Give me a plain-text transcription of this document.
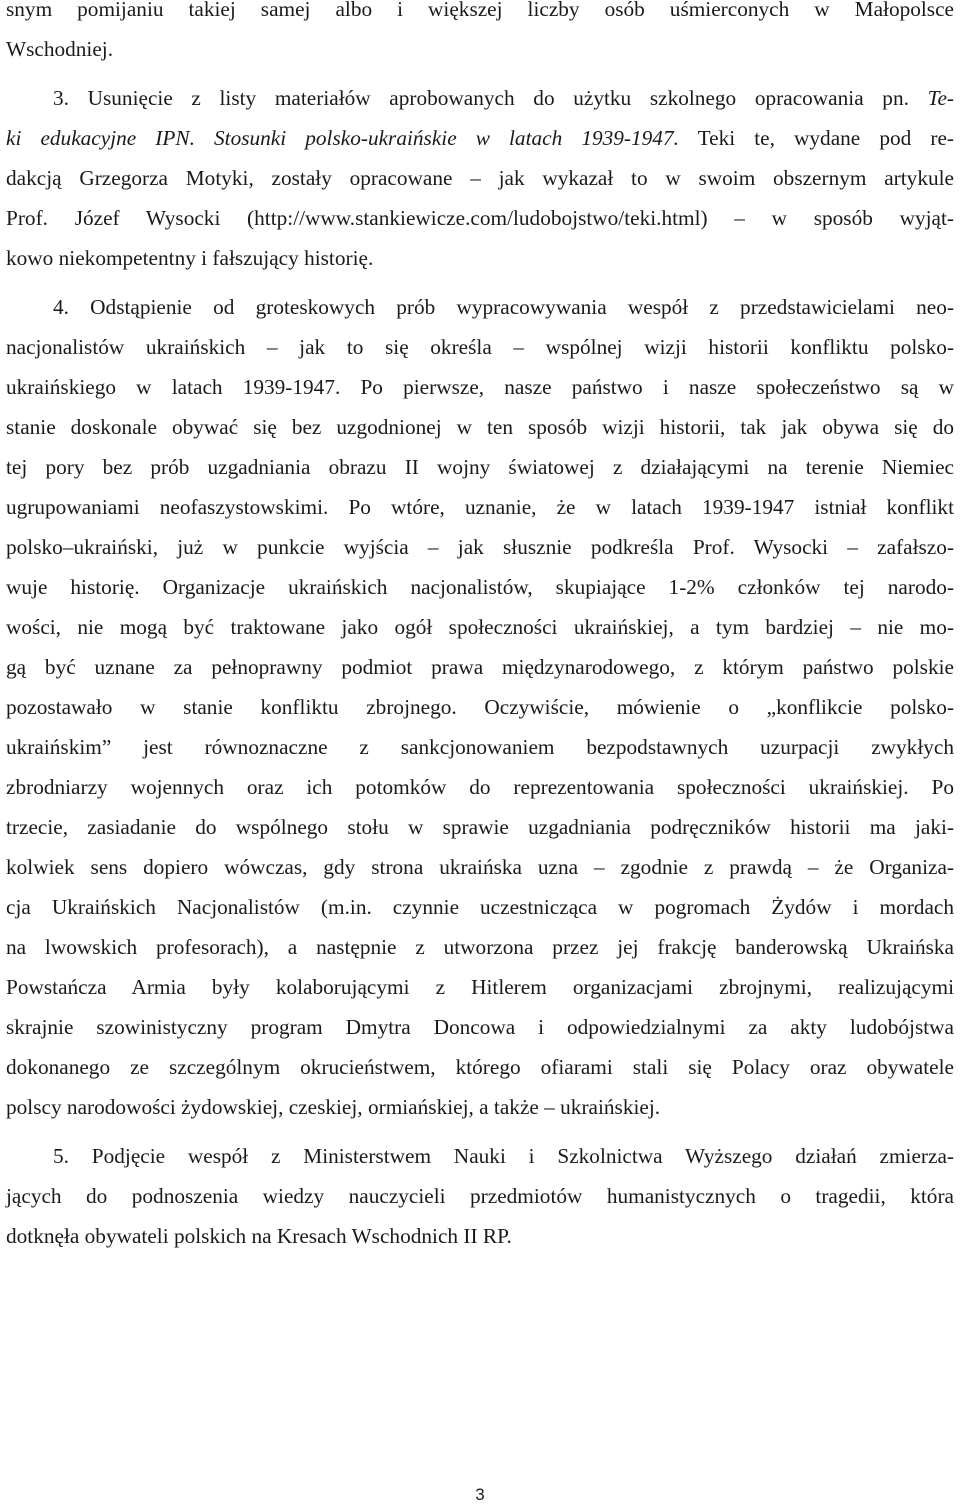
snym pomijaniu takiej samej albo i większej liczby osób uśmierconych w Małopolsce
Wschodniej.
3. Usunięcie z listy materiałów aprobowanych do użytku szkolnego opracowania pn. Te-
ki edukacyjne IPN. Stosunki polsko-ukraińskie w latach 1939-1947. Teki te, wydane pod re-
dakcją Grzegorza Motyki, zostały opracowane – jak wykazał to w swoim obszernym artykule
Prof. Józef Wysocki (http://www.stankiewicze.com/ludobojstwo/teki.html) – w sposób wyjąt-
kowo niekompetentny i fałszujący historię.
4. Odstąpienie od groteskowych prób wypracowywania wespół z przedstawicielami neo-
nacjonalistów ukraińskich – jak to się określa – wspólnej wizji historii konfliktu polsko-
ukraińskiego w latach 1939-1947. Po pierwsze, nasze państwo i nasze społeczeństwo są w
stanie doskonale obywać się bez uzgodnionej w ten sposób wizji historii, tak jak obywa się do
tej pory bez prób uzgadniania obrazu II wojny światowej z działającymi na terenie Niemiec
ugrupowaniami neofaszystowskimi. Po wtóre, uznanie, że w latach 1939-1947 istniał konflikt
polsko–ukraiński, już w punkcie wyjścia – jak słusznie podkreśla Prof. Wysocki – zafałszo-
wuje historię. Organizacje ukraińskich nacjonalistów, skupiające 1-2% członków tej narodo-
wości, nie mogą być traktowane jako ogół społeczności ukraińskiej, a tym bardziej – nie mo-
gą być uznane za pełnoprawny podmiot prawa międzynarodowego, z którym państwo polskie
pozostawało w stanie konfliktu zbrojnego. Oczywiście, mówienie o „konflikcie polsko-
ukraińskim” jest równoznaczne z sankcjonowaniem bezpodstawnych uzurpacji zwykłych
zbrodniarzy wojennych oraz ich potomków do reprezentowania społeczności ukraińskiej. Po
trzecie, zasiadanie do wspólnego stołu w sprawie uzgadniania podręczników historii ma jaki-
kolwiek sens dopiero wówczas, gdy strona ukraińska uzna – zgodnie z prawdą – że Organiza-
cja Ukraińskich Nacjonalistów (m.in. czynnie uczestnicząca w pogromach Żydów i mordach
na lwowskich profesorach), a następnie z utworzona przez jej frakcję banderowską Ukraińska
Powstańcza Armia były kolaborującymi z Hitlerem organizacjami zbrojnymi, realizującymi
skrajnie szowinistyczny program Dmytra Doncowa i odpowiedzialnymi za akty ludobójstwa
dokonanego ze szczególnym okrucieństwem, którego ofiarami stali się Polacy oraz obywatele
polscy narodowości żydowskiej, czeskiej, ormiańskiej, a także – ukraińskiej.
5. Podjęcie wespół z Ministerstwem Nauki i Szkolnictwa Wyższego działań zmierza-
jących do podnoszenia wiedzy nauczycieli przedmiotów humanistycznych o tragedii, która
dotknęła obywateli polskich na Kresach Wschodnich II RP.
3
